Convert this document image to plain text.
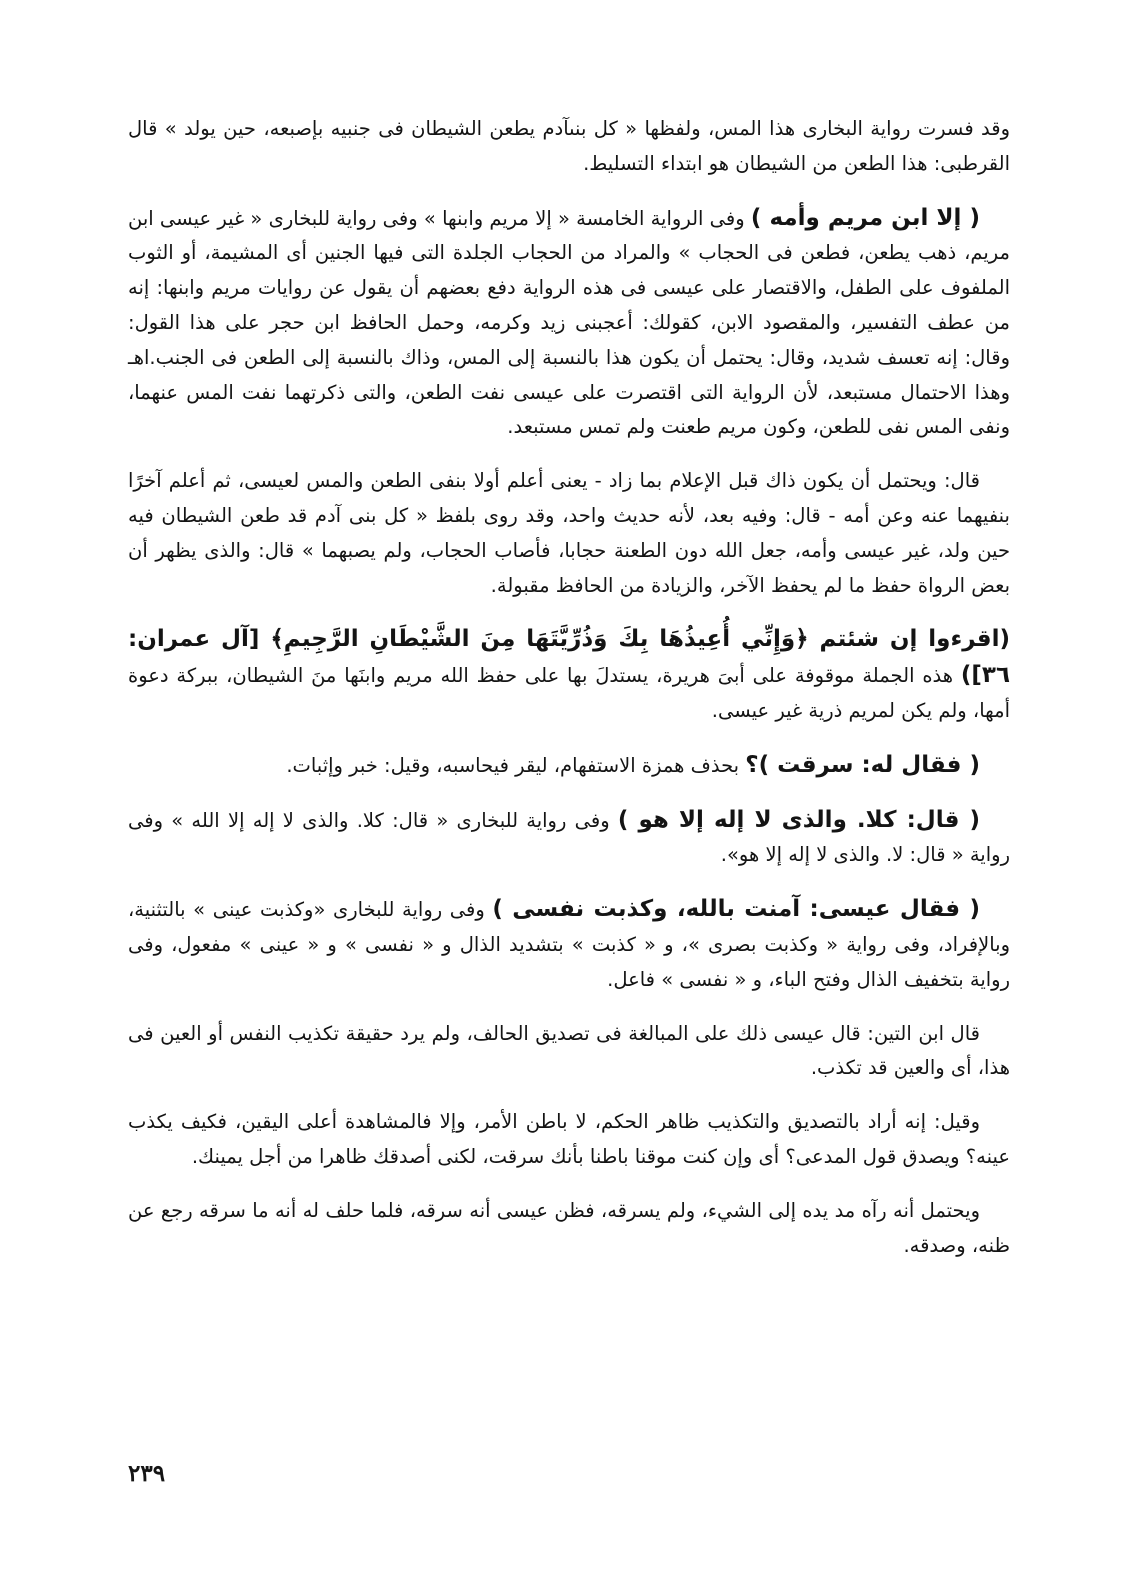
وقد فسرت رواية البخارى هذا المس، ولفظها « كل بنىآدم يطعن الشيطان فى جنبيه بإصبعه، حين يولد » قال القرطبى: هذا الطعن من الشيطان هو ابتداء التسليط.

( إلا ابن مريم وأمه ) وفى الرواية الخامسة « إلا مريم وابنها » وفى رواية للبخارى « غير عيسى ابن مريم، ذهب يطعن، فطعن فى الحجاب » والمراد من الحجاب الجلدة التى فيها الجنين أى المشيمة، أو الثوب الملفوف على الطفل، والاقتصار على عيسى فى هذه الرواية دفع بعضهم أن يقول عن روايات مريم وابنها: إنه من عطف التفسير، والمقصود الابن، كقولك: أعجبنى زيد وكرمه، وحمل الحافظ ابن حجر على هذا القول: وقال: إنه تعسف شديد، وقال: يحتمل أن يكون هذا بالنسبة إلى المس، وذاك بالنسبة إلى الطعن فى الجنب.اهـ وهذا الاحتمال مستبعد، لأن الرواية التى اقتصرت على عيسى نفت الطعن، والتى ذكرتهما نفت المس عنهما، ونفى المس نفى للطعن، وكون مريم طعنت ولم تمس مستبعد.

قال: ويحتمل أن يكون ذاك قبل الإعلام بما زاد - يعنى أعلم أولا بنفى الطعن والمس لعيسى، ثم أعلم آخرًا بنفيهما عنه وعن أمه - قال: وفيه بعد، لأنه حديث واحد، وقد روى بلفظ « كل بنى آدم قد طعن الشيطان فيه حين ولد، غير عيسى وأمه، جعل الله دون الطعنة حجابا، فأصاب الحجاب، ولم يصبهما » قال: والذى يظهر أن بعض الرواة حفظ ما لم يحفظ الآخر، والزيادة من الحافظ مقبولة.

(اقرءوا إن شئتم ﴿وَإِنِّي أُعِيذُهَا بِكَ وَذُرِّيَّتَهَا مِنَ الشَّيْطَانِ الرَّجِيمِ﴾ [آل عمران: ٣٦]) هذه الجملة موقوفة على أبىَ هريرة، يستدلَ بها على حفظ الله مريم وابنَها منَ الشيطان، ببركة دعوة أمها، ولم يكن لمريم ذرية غير عيسى.

( فقال له: سرقت )؟ بحذف همزة الاستفهام، ليقر فيحاسبه، وقيل: خبر وإثبات.

( قال: كلا. والذى لا إله إلا هو ) وفى رواية للبخارى « قال: كلا. والذى لا إله إلا الله » وفى رواية « قال: لا. والذى لا إله إلا هو».

( فقال عيسى: آمنت بالله، وكذبت نفسى ) وفى رواية للبخارى «وكذبت عينى » بالتثنية، وبالإفراد، وفى رواية « وكذبت بصرى »، و « كذبت » بتشديد الذال و « نفسى » و « عينى » مفعول، وفى رواية بتخفيف الذال وفتح الباء، و « نفسى » فاعل.

قال ابن التين: قال عيسى ذلك على المبالغة فى تصديق الحالف، ولم يرد حقيقة تكذيب النفس أو العين فى هذا، أى والعين قد تكذب.

وقيل: إنه أراد بالتصديق والتكذيب ظاهر الحكم، لا باطن الأمر، وإلا فالمشاهدة أعلى اليقين، فكيف يكذب عينه؟ ويصدق قول المدعى؟ أى وإن كنت موقنا باطنا بأنك سرقت، لكنى أصدقك ظاهرا من أجل يمينك.

ويحتمل أنه رآه مد يده إلى الشيء، ولم يسرقه، فظن عيسى أنه سرقه، فلما حلف له أنه ما سرقه رجع عن ظنه، وصدقه.

٢٣٩
